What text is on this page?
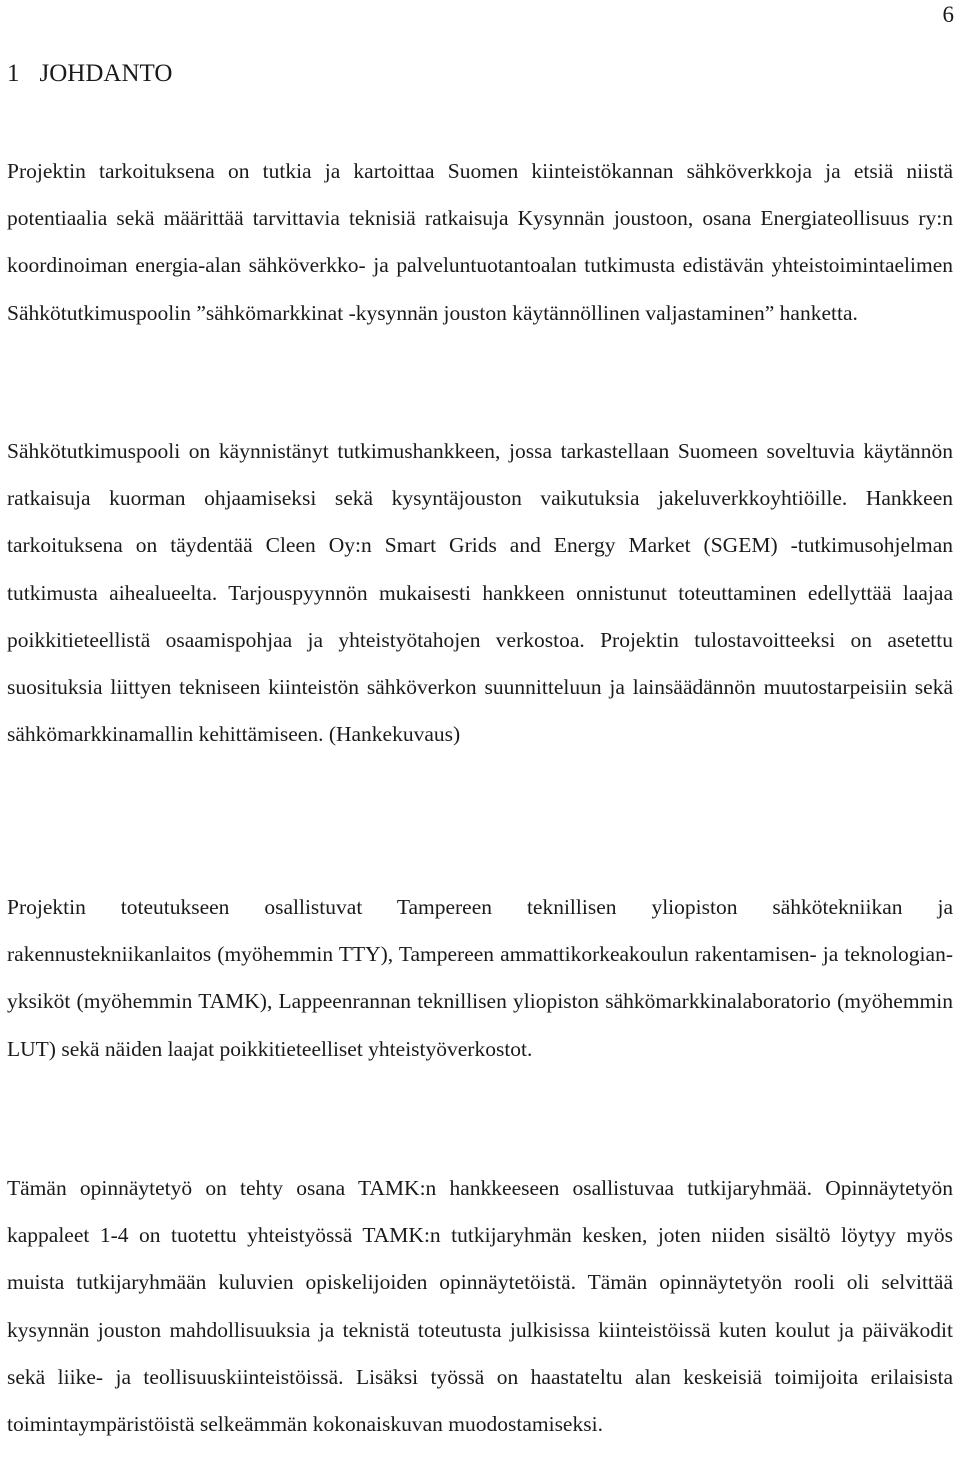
6
1 JOHDANTO

Projektin tarkoituksena on tutkia ja kartoittaa Suomen kiinteistökannan sähköverkkoja ja etsiä niistä potentiaalia sekä määrittää tarvittavia teknisiä ratkaisuja Kysynnän joustoon, osana Energiateollisuus ry:n koordinoiman energia-alan sähköverkko- ja palveluntuotantoalan tutkimusta edistävän yhteistoimintaelimen Sähkötutkimuspoolin ”sähkömarkkinat -kysynnän jouston käytännöllinen valjastaminen” hanketta.

Sähkötutkimuspooli on käynnistänyt tutkimushankkeen, jossa tarkastellaan Suomeen soveltuvia käytännön ratkaisuja kuorman ohjaamiseksi sekä kysyntäjouston vaikutuksia jakeluverkkoyhtiöille. Hankkeen tarkoituksena on täydentää Cleen Oy:n Smart Grids and Energy Market (SGEM) -tutkimusohjelman tutkimusta aihealueelta. Tarjouspyynnön mukaisesti hankkeen onnistunut toteuttaminen edellyttää laajaa poikkitieteellistä osaamispohjaa ja yhteistyötahojen verkostoa. Projektin tulostavoitteeksi on asetettu suosituksia liittyen tekniseen kiinteistön sähköverkon suunnitteluun ja lainsäädännön muutostarpeisiin sekä sähkömarkkinamallin kehittämiseen. (Hankekuvaus)

Projektin toteutukseen osallistuvat Tampereen teknillisen yliopiston sähkötekniikan ja rakennustekniikanlaitos (myöhemmin TTY), Tampereen ammattikorkeakoulun rakentamisen- ja teknologian-yksiköt (myöhemmin TAMK), Lappeenrannan teknillisen yliopiston sähkömarkkinalaboratorio (myöhemmin LUT) sekä näiden laajat poikkitieteelliset yhteistyöverkostot.

Tämän opinnäytetyö on tehty osana TAMK:n hankkeeseen osallistuvaa tutkijaryhmää. Opinnäytetyön kappaleet 1-4 on tuotettu yhteistyössä TAMK:n tutkijaryhmän kesken, joten niiden sisältö löytyy myös muista tutkijaryhmään kuluvien opiskelijoiden opinnäytetöistä. Tämän opinnäytetyön rooli oli selvittää kysynnän jouston mahdollisuuksia ja teknistä toteutusta julkisissa kiinteistöissä kuten koulut ja päiväkodit sekä liike- ja teollisuuskiinteistöissä. Lisäksi työssä on haastateltu alan keskeisiä toimijoita erilaisista toimintaympäristöistä selkeämmän kokonaiskuvan muodostamiseksi.
